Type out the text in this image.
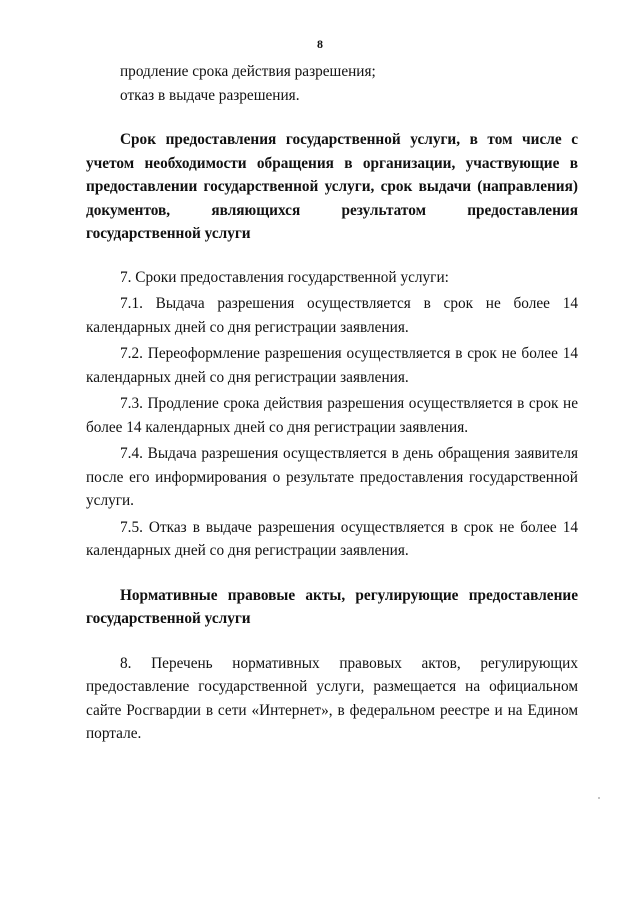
8

продление срока действия разрешения;

отказ в выдаче разрешения.

Срок предоставления государственной услуги, в том числе с учетом необходимости обращения в организации, участвующие в предоставлении государственной услуги, срок выдачи (направления) документов, являющихся результатом предоставления государственной услуги

7. Сроки предоставления государственной услуги:

7.1. Выдача разрешения осуществляется в срок не более 14 календарных дней со дня регистрации заявления.

7.2. Переоформление разрешения осуществляется в срок не более 14 календарных дней со дня регистрации заявления.

7.3. Продление срока действия разрешения осуществляется в срок не более 14 календарных дней со дня регистрации заявления.

7.4. Выдача разрешения осуществляется в день обращения заявителя после его информирования о результате предоставления государственной услуги.

7.5. Отказ в выдаче разрешения осуществляется в срок не более 14 календарных дней со дня регистрации заявления.

Нормативные правовые акты, регулирующие предоставление государственной услуги

8. Перечень нормативных правовых актов, регулирующих предоставление государственной услуги, размещается на официальном сайте Росгвардии в сети «Интернет», в федеральном реестре и на Едином портале.
